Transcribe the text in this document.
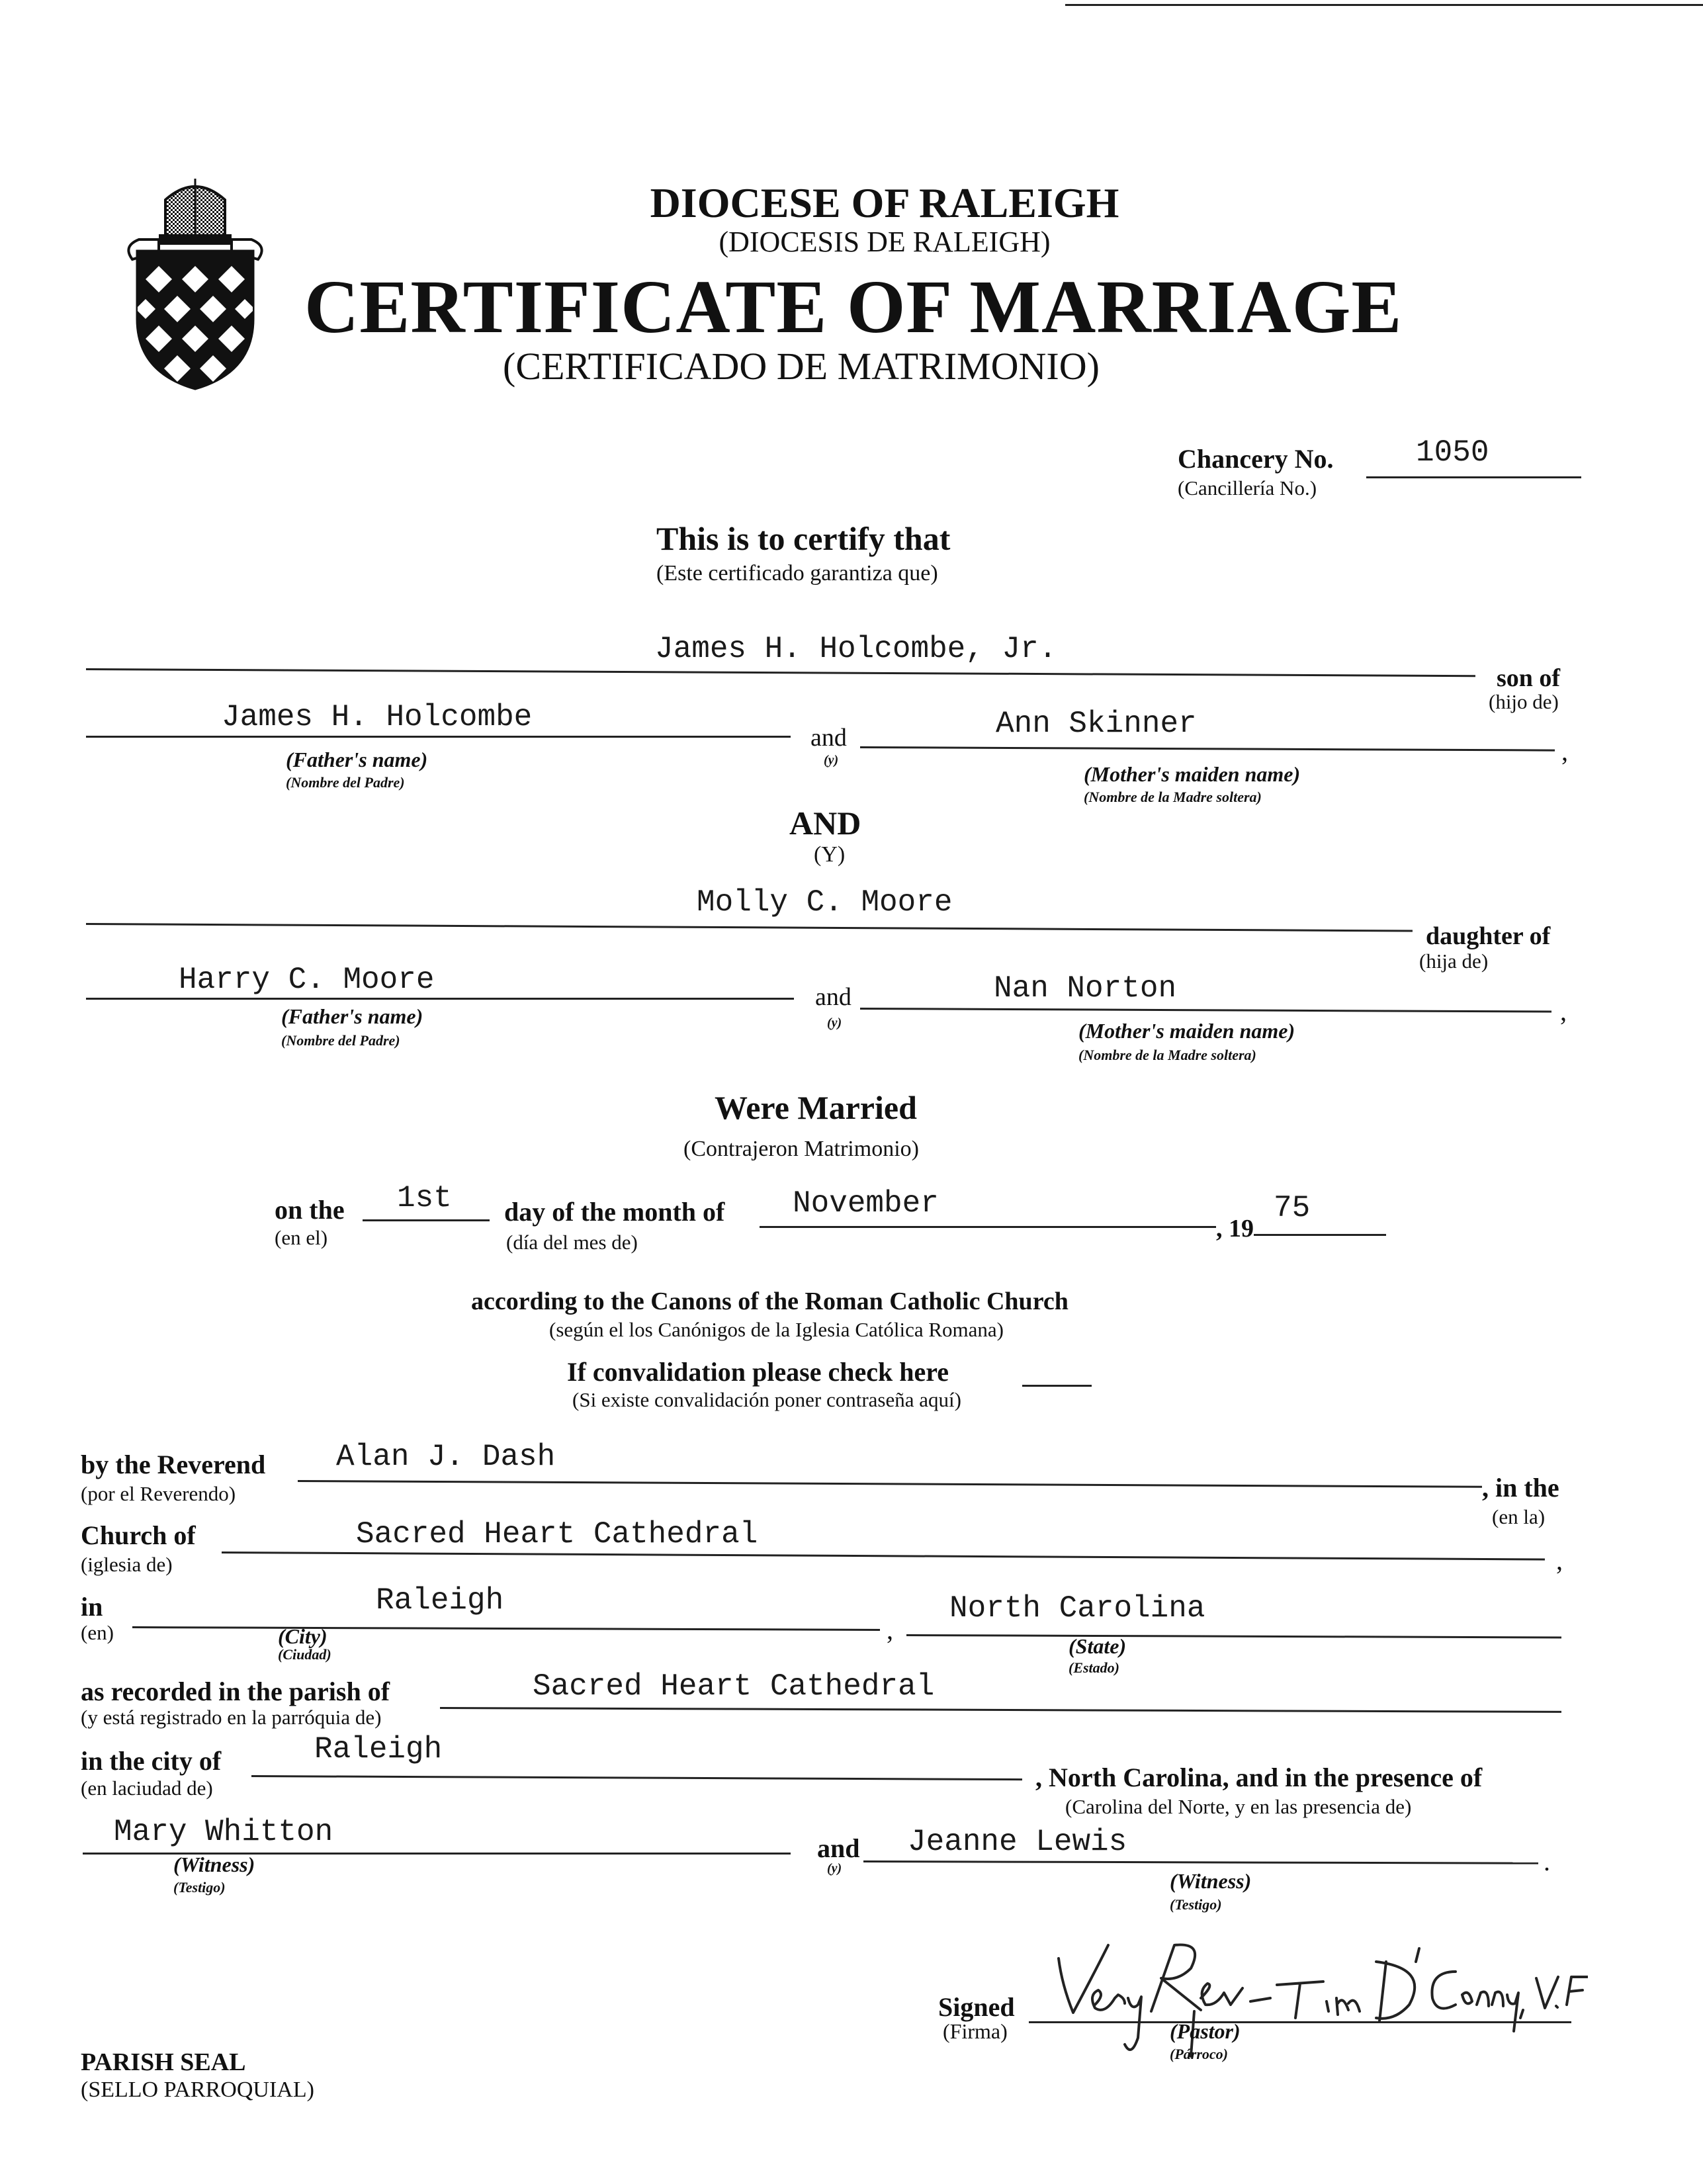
DIOCESE OF RALEIGH
(DIOCESIS DE RALEIGH)
CERTIFICATE OF MARRIAGE
(CERTIFICADO DE MATRIMONIO)
Chancery No.
(Cancillería No.)
1050
This is to certify that
(Este certificado garantiza que)
James H. Holcombe, Jr.
son of
(hijo de)
James H. Holcombe
and
(y)
Ann Skinner
,
(Father's name)
(Nombre del Padre)	(Mother's maiden name)
(Nombre de la Madre soltera)
AND
(Y)
Molly C. Moore
daughter of
(hija de)
Harry C. Moore	and
(y)
Nan Norton
,
(Father's name)
(Nombre del Padre)	(Mother's maiden name)
(Nombre de la Madre soltera)
Were Married
(Contrajeron Matrimonio)
on the
(en el)
1st day of the month of
(día del mes de)
November
, 19
75
according to the Canons of the Roman Catholic Church
(según el los Canónigos de la Iglesia Católica Romana)
If convalidation please check here
(Si existe convalidación poner contraseña aquí)
by the Reverend
(por el Reverendo)
Alan J. Dash
, in the
(en la)
Church of
(iglesia de)
Sacred Heart Cathedral
,
in
(en)
Raleigh
,
(City)
(Ciudad)
North Carolina
(State)
(Estado)
as recorded in the parish of
(y está registrado en la parróquia de)
Sacred Heart Cathedral
in the city of
(en laciudad de)
Raleigh
, North Carolina, and in the presence of
(Carolina del Norte, y en las presencia de)
Mary Whitton	and
(y)
Jeanne Lewis
.
(Witness)
(Testigo)	(Witness)
(Testigo)
Signed
(Firma)	(Pastor)
(Párroco)
PARISH SEAL
(SELLO PARROQUIAL)
